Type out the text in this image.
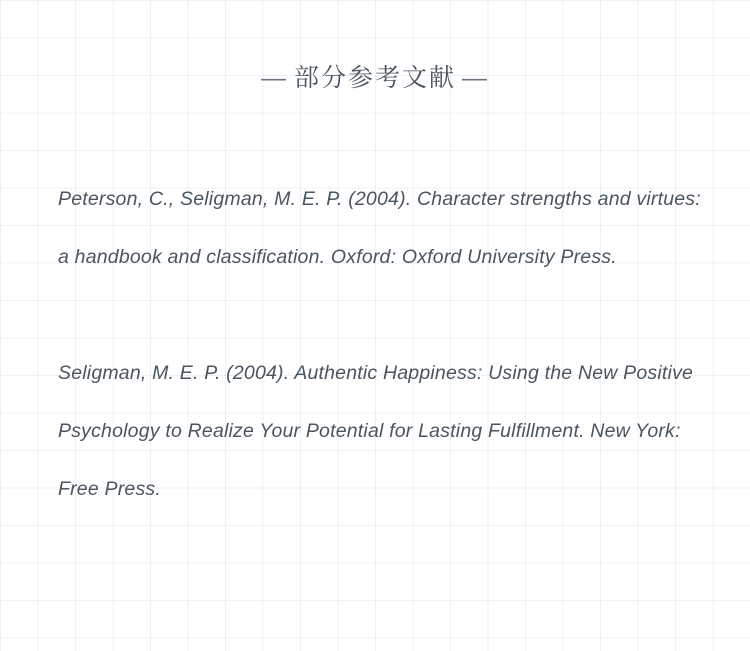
— 部分参考文献 —

Peterson, C., Seligman, M. E. P. (2004). Character strengths and virtues: a handbook and classification. Oxford: Oxford University Press.

Seligman, M. E. P. (2004). Authentic Happiness: Using the New Positive Psychology to Realize Your Potential for Lasting Fulfillment. New York: Free Press.
